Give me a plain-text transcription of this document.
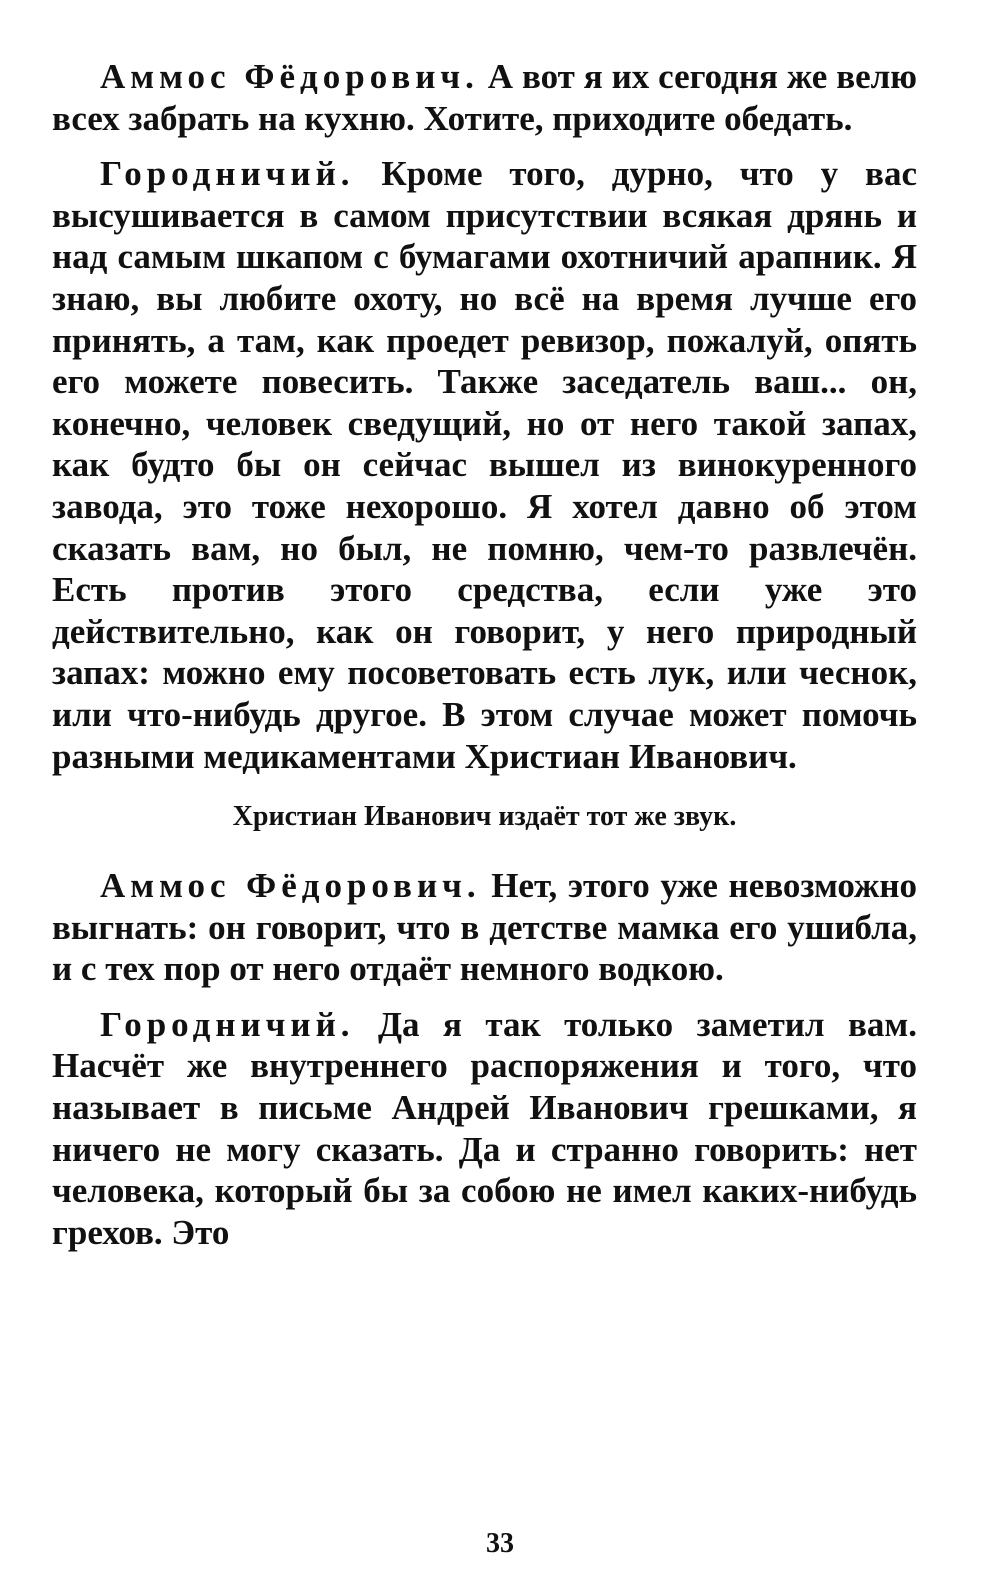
Аммос Фёдорович. А вот я их сегодня же велю всех забрать на кухню. Хотите, приходите обедать.

Городничий. Кроме того, дурно, что у вас высушивается в самом присутствии всякая дрянь и над самым шкапом с бумагами охотничий арапник. Я знаю, вы любите охоту, но всё на время лучше его принять, а там, как проедет ревизор, пожалуй, опять его можете повесить. Также заседатель ваш... он, конечно, человек сведущий, но от него такой запах, как будто бы он сейчас вышел из винокуренного завода, это тоже нехорошо. Я хотел давно об этом сказать вам, но был, не помню, чем-то развлечён. Есть против этого средства, если уже это действительно, как он говорит, у него природный запах: можно ему посоветовать есть лук, или чеснок, или что-нибудь другое. В этом случае может помочь разными медикаментами Христиан Иванович.

Христиан Иванович издаёт тот же звук.

Аммос Фёдорович. Нет, этого уже невозможно выгнать: он говорит, что в детстве мамка его ушибла, и с тех пор от него отдаёт немного водкою.

Городничий. Да я так только заметил вам. Насчёт же внутреннего распоряжения и того, что называет в письме Андрей Иванович грешками, я ничего не могу сказать. Да и странно говорить: нет человека, который бы за собою не имел каких-нибудь грехов. Это

33
